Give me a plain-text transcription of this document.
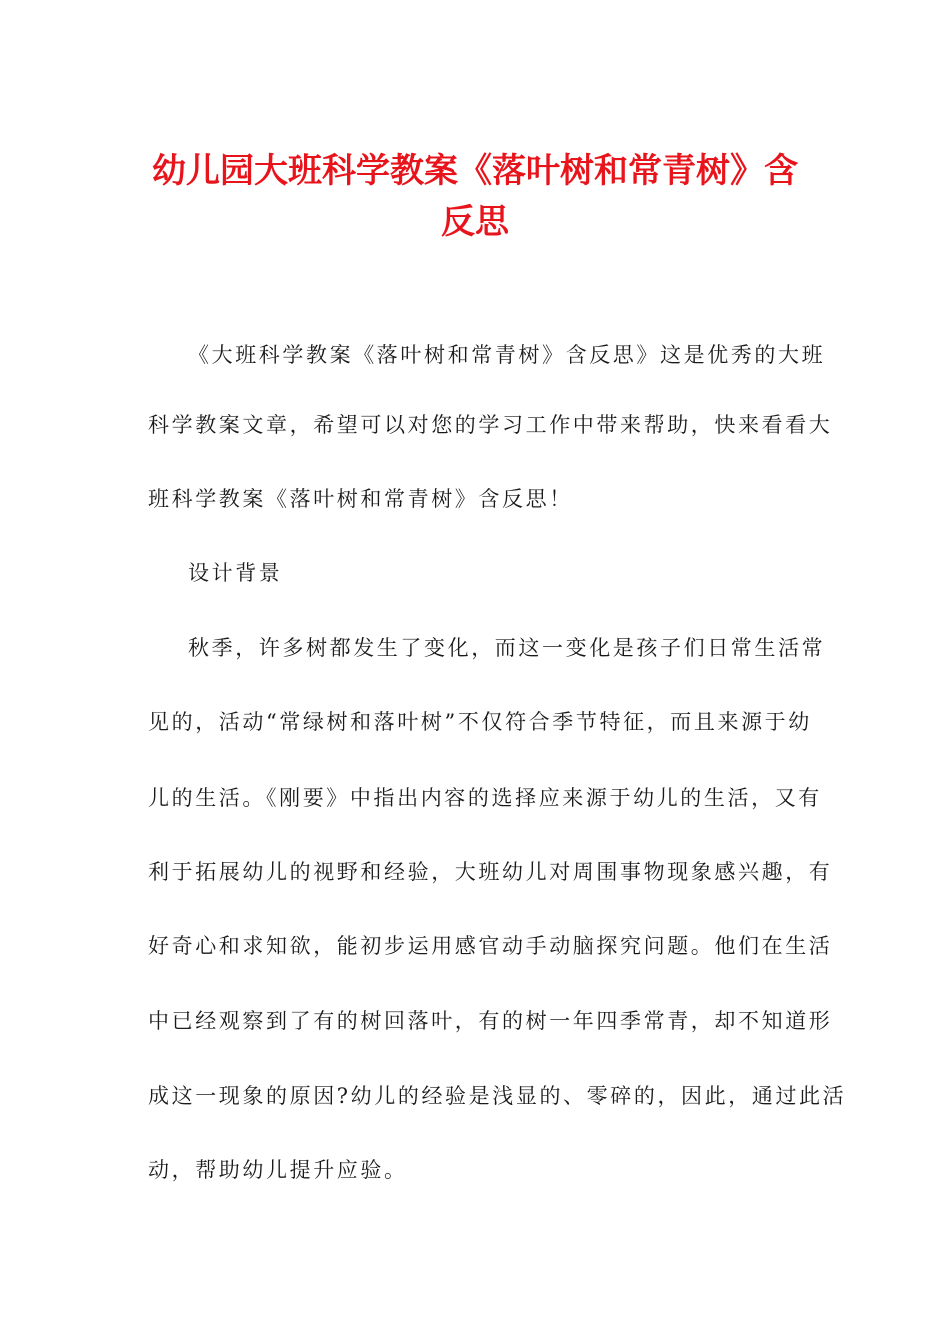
幼儿园大班科学教案《落叶树和常青树》含反思

《大班科学教案《落叶树和常青树》含反思》这是优秀的大班

科学教案文章，希望可以对您的学习工作中带来帮助，快来看看大

班科学教案《落叶树和常青树》含反思！

设计背景

秋季，许多树都发生了变化，而这一变化是孩子们日常生活常

见的，活动“常绿树和落叶树”不仅符合季节特征，而且来源于幼

儿的生活。《刚要》中指出内容的选择应来源于幼儿的生活，又有

利于拓展幼儿的视野和经验，大班幼儿对周围事物现象感兴趣，有

好奇心和求知欲，能初步运用感官动手动脑探究问题。他们在生活

中已经观察到了有的树回落叶，有的树一年四季常青，却不知道形

成这一现象的原因?幼儿的经验是浅显的、零碎的，因此，通过此活

动，帮助幼儿提升应验。
